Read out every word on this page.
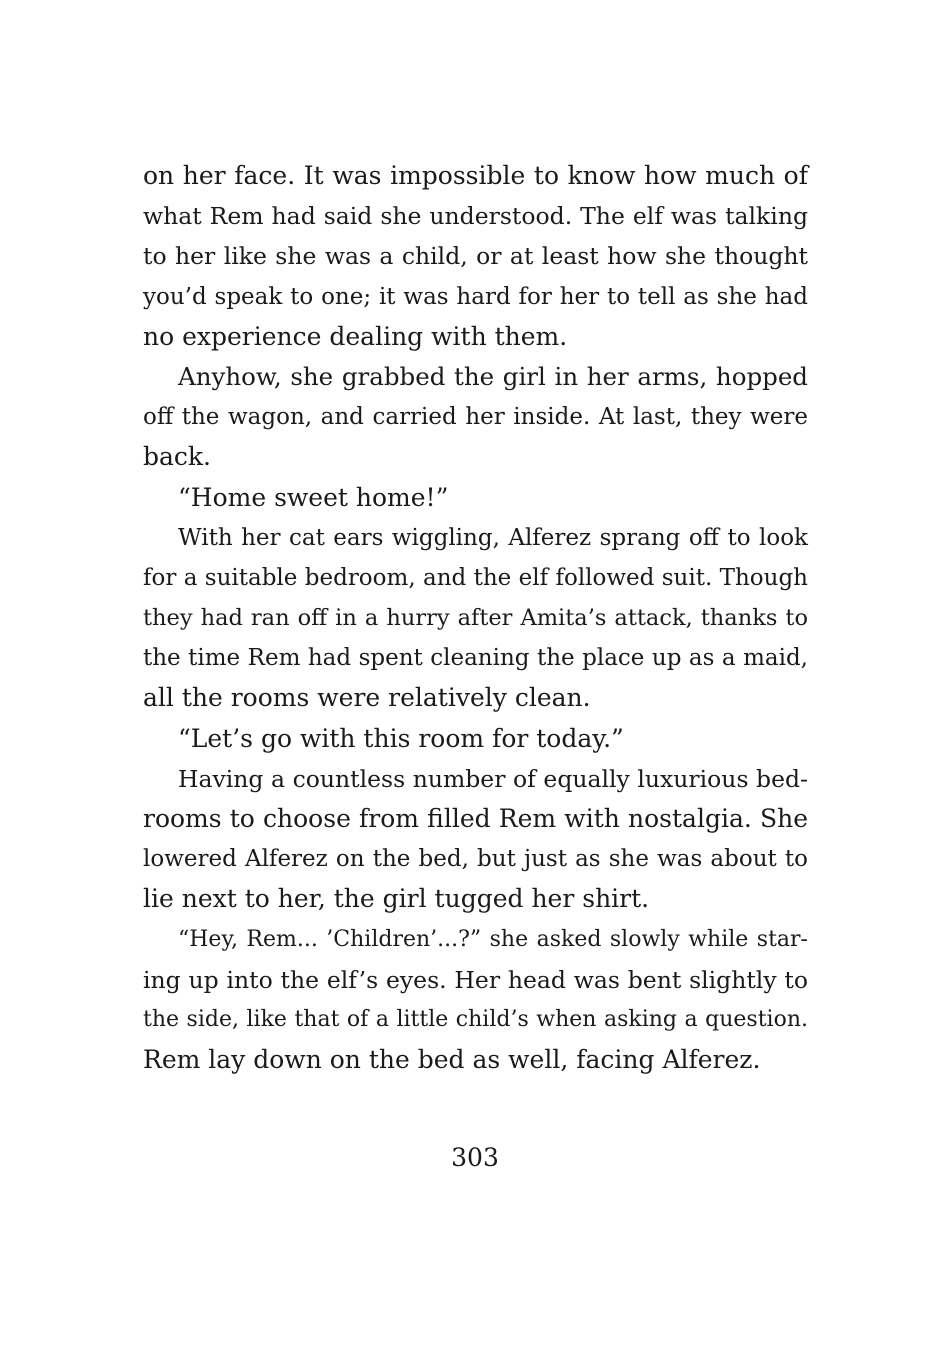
on her face. It was impossible to know how much of
what Rem had said she understood. The elf was talking
to her like she was a child, or at least how she thought
you’d speak to one; it was hard for her to tell as she had
no experience dealing with them.
Anyhow, she grabbed the girl in her arms, hopped
off the wagon, and carried her inside. At last, they were
back.
“Home sweet home!”
With her cat ears wiggling, Alferez sprang off to look
for a suitable bedroom, and the elf followed suit. Though
they had ran off in a hurry after Amita’s attack, thanks to
the time Rem had spent cleaning the place up as a maid,
all the rooms were relatively clean.
“Let’s go with this room for today.”
Having a countless number of equally luxurious bed-
rooms to choose from filled Rem with nostalgia. She
lowered Alferez on the bed, but just as she was about to
lie next to her, the girl tugged her shirt.
“Hey, Rem... ’Children’...?” she asked slowly while star-
ing up into the elf’s eyes. Her head was bent slightly to
the side, like that of a little child’s when asking a question.
Rem lay down on the bed as well, facing Alferez.
303
